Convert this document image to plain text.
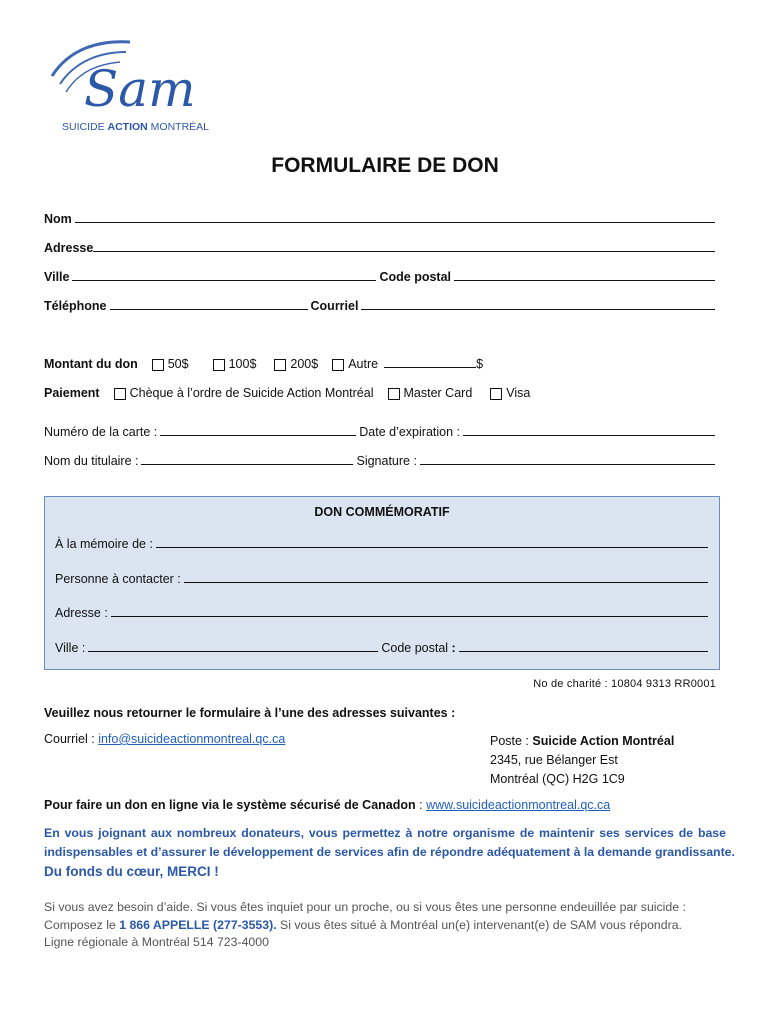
Sam
SUICIDE ACTION MONTRÉAL
FORMULAIRE DE DON
Nom
Adresse
Ville	Code postal
Téléphone	Courriel
Montant du don 50$	100$	200$ Autre	$
Paiement Chèque à l’ordre de Suicide Action Montréal Master Card	Visa
Numéro de la carte :	Date d’expiration :
Nom du titulaire :	Signature :
DON COMMÉMORATIF
À la mémoire de :
Personne à contacter :
Adresse :
Ville :	Code postal :
No de charité : 10804 9313 RR0001
Veuillez nous retourner le formulaire à l’une des adresses suivantes :
Courriel : info@suicideactionmontreal.qc.ca	Poste : Suicide Action Montréal
2345, rue Bélanger Est
Montréal (QC) H2G 1C9
Pour faire un don en ligne via le système sécurisé de Canadon : www.suicideactionmontreal.qc.ca
En vous joignant aux nombreux donateurs, vous permettez à notre organisme de maintenir ses services de base
indispensables et d’assurer le développement de services afin de répondre adéquatement à la demande grandissante.
Du fonds du cœur, MERCI !
Si vous avez besoin d’aide. Si vous êtes inquiet pour un proche, ou si vous êtes une personne endeuillée par suicide :
Composez le 1 866 APPELLE (277-3553). Si vous êtes situé à Montréal un(e) intervenant(e) de SAM vous répondra.
Ligne régionale à Montréal 514 723-4000
